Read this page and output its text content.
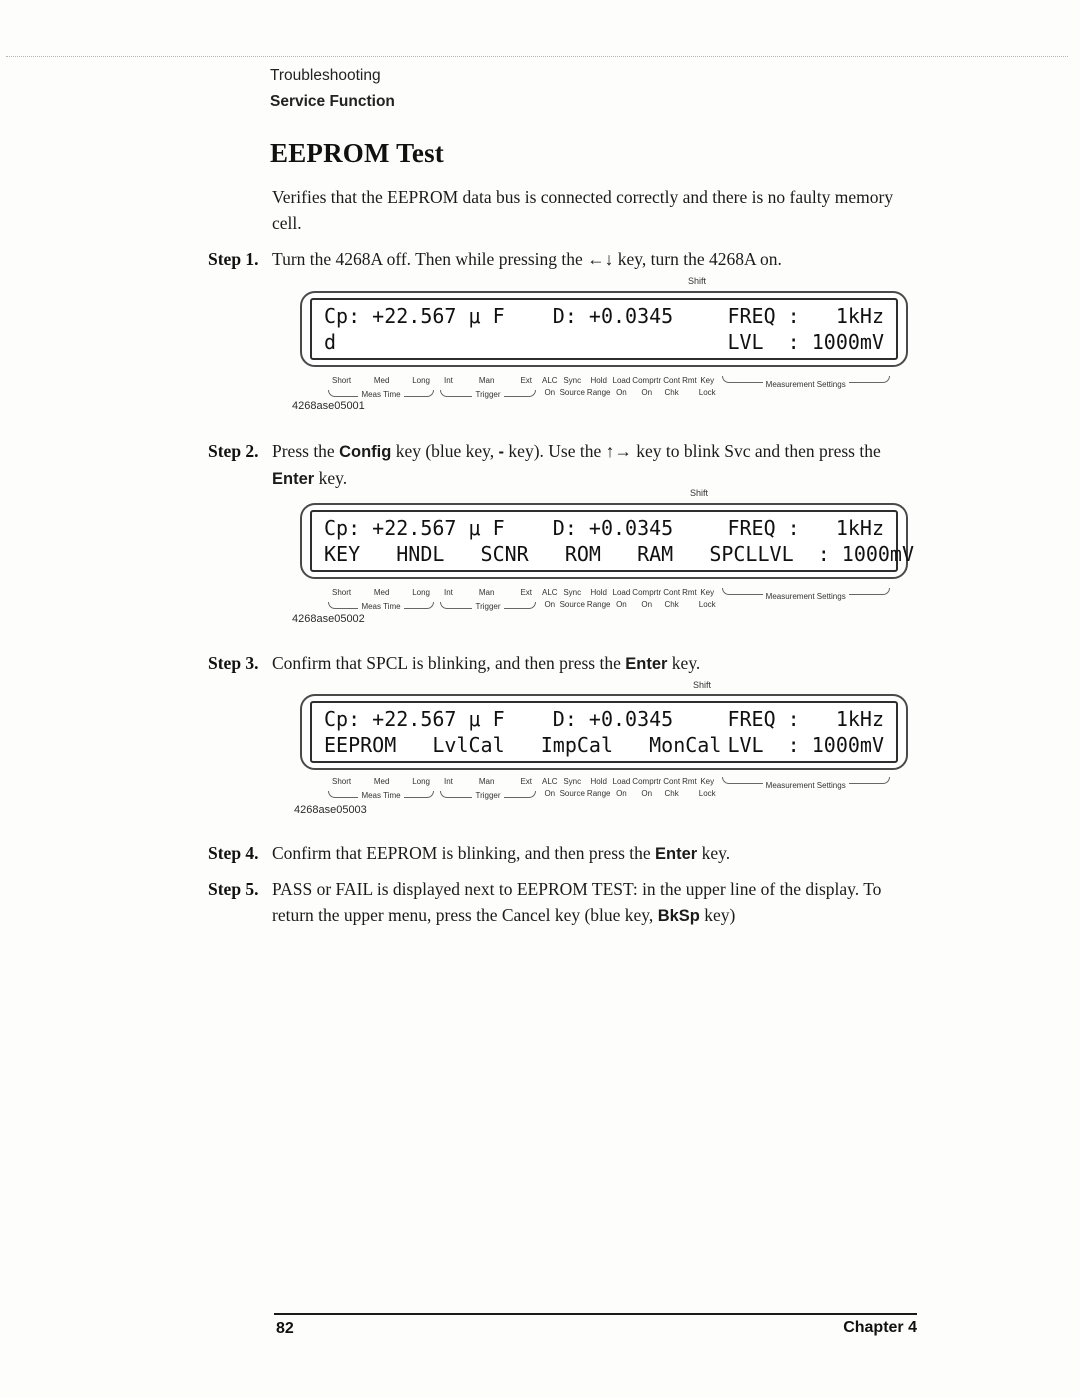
Troubleshooting
Service Function
EEPROM Test
Verifies that the EEPROM data bus is connected correctly and there is no faulty memory cell.
Step 1. Turn the 4268A off. Then while pressing the ←↓ key, turn the 4268A on.
Shift
Cp: +22.567 μ F    D: +0.0345	FREQ :   1kHz
d	LVL  : 1000mV
Short	Med	Long
Meas Time
Int	Man	Ext
Trigger
ALC
On
Sync
Source
Hold
Range
Load
On
Comprtr
On
Cont
Chk
Rmt Key
Lock
Measurement Settings
4268ase05001
Step 2. Press the Config key (blue key, - key). Use the ↑→ key to blink Svc and then press the Enter key.
Shift
Cp: +22.567 μ F    D: +0.0345	FREQ :   1kHz
KEY   HNDL   SCNR   ROM   RAM   SPCL LVL  : 1000mV
Short	Med	Long
Meas Time
Int	Man	Ext
Trigger
ALC
On
Sync
Source
Hold
Range
Load
On
Comprtr
On
Cont
Chk
Rmt Key
Lock
Measurement Settings
4268ase05002
Step 3. Confirm that SPCL is blinking, and then press the Enter key.
Shift
Cp: +22.567 μ F    D: +0.0345	FREQ :   1kHz
EEPROM   LvlCal   ImpCal   MonCal LVL  : 1000mV
Short	Med	Long
Meas Time
Int	Man	Ext
Trigger
ALC
On
Sync
Source
Hold
Range
Load
On
Comprtr
On
Cont
Chk
Rmt Key
Lock
Measurement Settings
4268ase05003
Step 4. Confirm that EEPROM is blinking, and then press the Enter key.
Step 5. PASS or FAIL is displayed next to EEPROM TEST: in the upper line of the display. To return the upper menu, press the Cancel key (blue key, BkSp key)
82	Chapter 4
